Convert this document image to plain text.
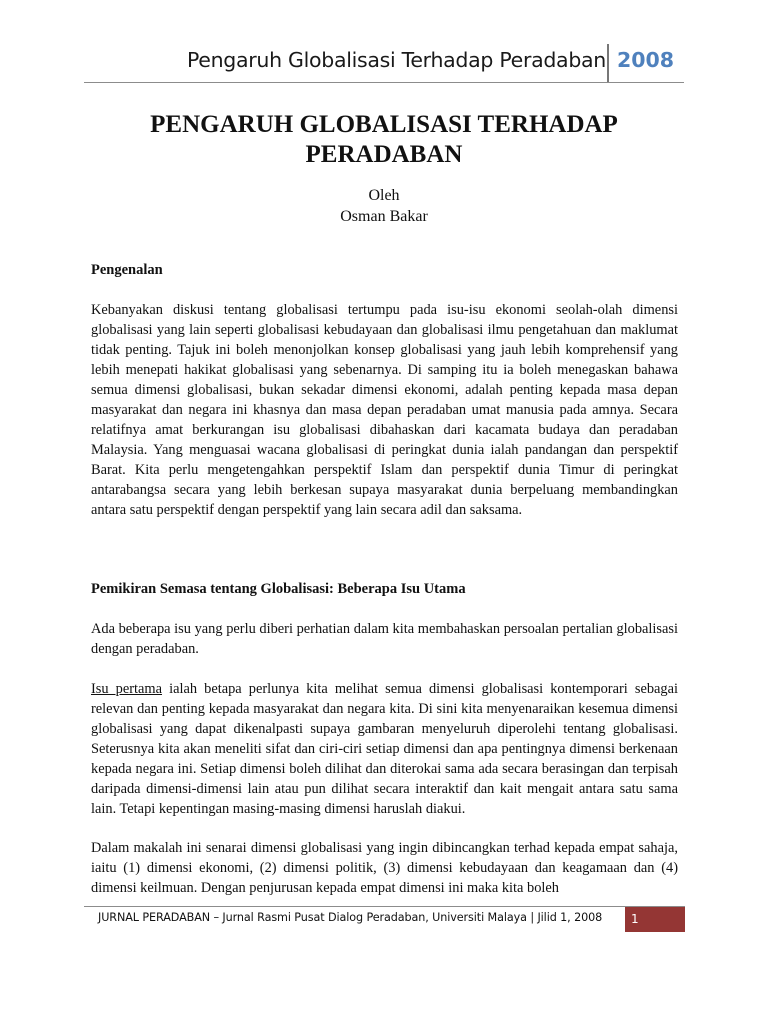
Pengaruh Globalisasi Terhadap Peradaban 2008
PENGARUH GLOBALISASI TERHADAP
PERADABAN

Oleh

Osman Bakar

Pengenalan

Kebanyakan diskusi tentang globalisasi tertumpu pada isu-isu ekonomi seolah-olah dimensi globalisasi yang lain seperti globalisasi kebudayaan dan globalisasi ilmu pengetahuan dan maklumat tidak penting. Tajuk ini boleh menonjolkan konsep globalisasi yang jauh lebih komprehensif yang lebih menepati hakikat globalisasi yang sebenarnya. Di samping itu ia boleh menegaskan bahawa semua dimensi globalisasi, bukan sekadar dimensi ekonomi, adalah penting kepada masa depan masyarakat dan negara ini khasnya dan masa depan peradaban umat manusia pada amnya. Secara relatifnya amat berkurangan isu globalisasi dibahaskan dari kacamata budaya dan peradaban Malaysia. Yang menguasai wacana globalisasi di peringkat dunia ialah pandangan dan perspektif Barat. Kita perlu mengetengahkan perspektif Islam dan perspektif dunia Timur di peringkat antarabangsa secara yang lebih berkesan supaya masyarakat dunia berpeluang membandingkan antara satu perspektif dengan perspektif yang lain secara adil dan saksama.

Pemikiran Semasa tentang Globalisasi: Beberapa Isu Utama

Ada beberapa isu yang perlu diberi perhatian dalam kita membahaskan persoalan pertalian globalisasi dengan peradaban.

Isu pertama ialah betapa perlunya kita melihat semua dimensi globalisasi kontemporari sebagai relevan dan penting kepada masyarakat dan negara kita. Di sini kita menyenaraikan kesemua dimensi globalisasi yang dapat dikenalpasti supaya gambaran menyeluruh diperolehi tentang globalisasi. Seterusnya kita akan meneliti sifat dan ciri-ciri setiap dimensi dan apa pentingnya dimensi berkenaan kepada negara ini. Setiap dimensi boleh dilihat dan diterokai sama ada secara berasingan dan terpisah daripada dimensi-dimensi lain atau pun dilihat secara interaktif dan kait mengait antara satu sama lain. Tetapi kepentingan masing-masing dimensi haruslah diakui.

Dalam makalah ini senarai dimensi globalisasi yang ingin dibincangkan terhad kepada empat sahaja, iaitu (1) dimensi ekonomi, (2) dimensi politik, (3) dimensi kebudayaan dan keagamaan dan (4) dimensi keilmuan. Dengan penjurusan kepada empat dimensi ini maka kita boleh

JURNAL PERADABAN – Jurnal Rasmi Pusat Dialog Peradaban, Universiti Malaya | Jilid 1, 2008	1
